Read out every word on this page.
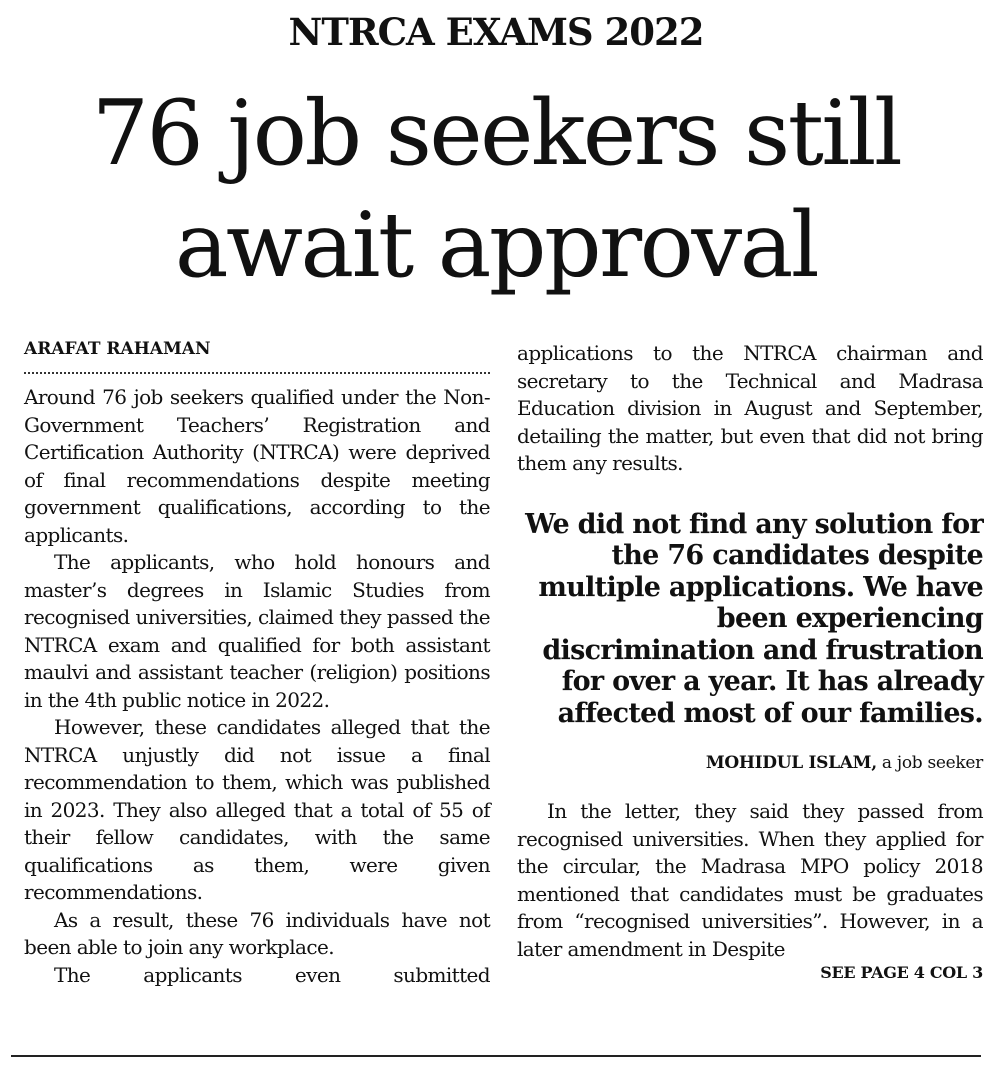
NTRCA EXAMS 2022
76 job seekers still await approval
ARAFAT RAHAMAN

Around 76 job seekers qualified under the Non-Government Teachers’ Registration and Certification Authority (NTRCA) were deprived of final recommendations despite meeting government qualifications, according to the applicants.

The applicants, who hold honours and master’s degrees in Islamic Studies from recognised universities, claimed they passed the NTRCA exam and qualified for both assistant maulvi and assistant teacher (religion) positions in the 4th public notice in 2022.

However, these candidates alleged that the NTRCA unjustly did not issue a final recommendation to them, which was published in 2023. They also alleged that a total of 55 of their fellow candidates, with the same qualifications as them, were given recommendations.

As a result, these 76 individuals have not been able to join any workplace.

The applicants even submitted

applications to the NTRCA chairman and secretary to the Technical and Madrasa Education division in August and September, detailing the matter, but even that did not bring them any results.

We did not find any solution for the 76 candidates despite multiple applications. We have been experiencing discrimination and frustration for over a year. It has already affected most of our families.
MOHIDUL ISLAM, a job seeker

In the letter, they said they passed from recognised universities. When they applied for the circular, the Madrasa MPO policy 2018 mentioned that candidates must be graduates from “recognised universities”. However, in a later amendment in Despite

SEE PAGE 4 COL 3
